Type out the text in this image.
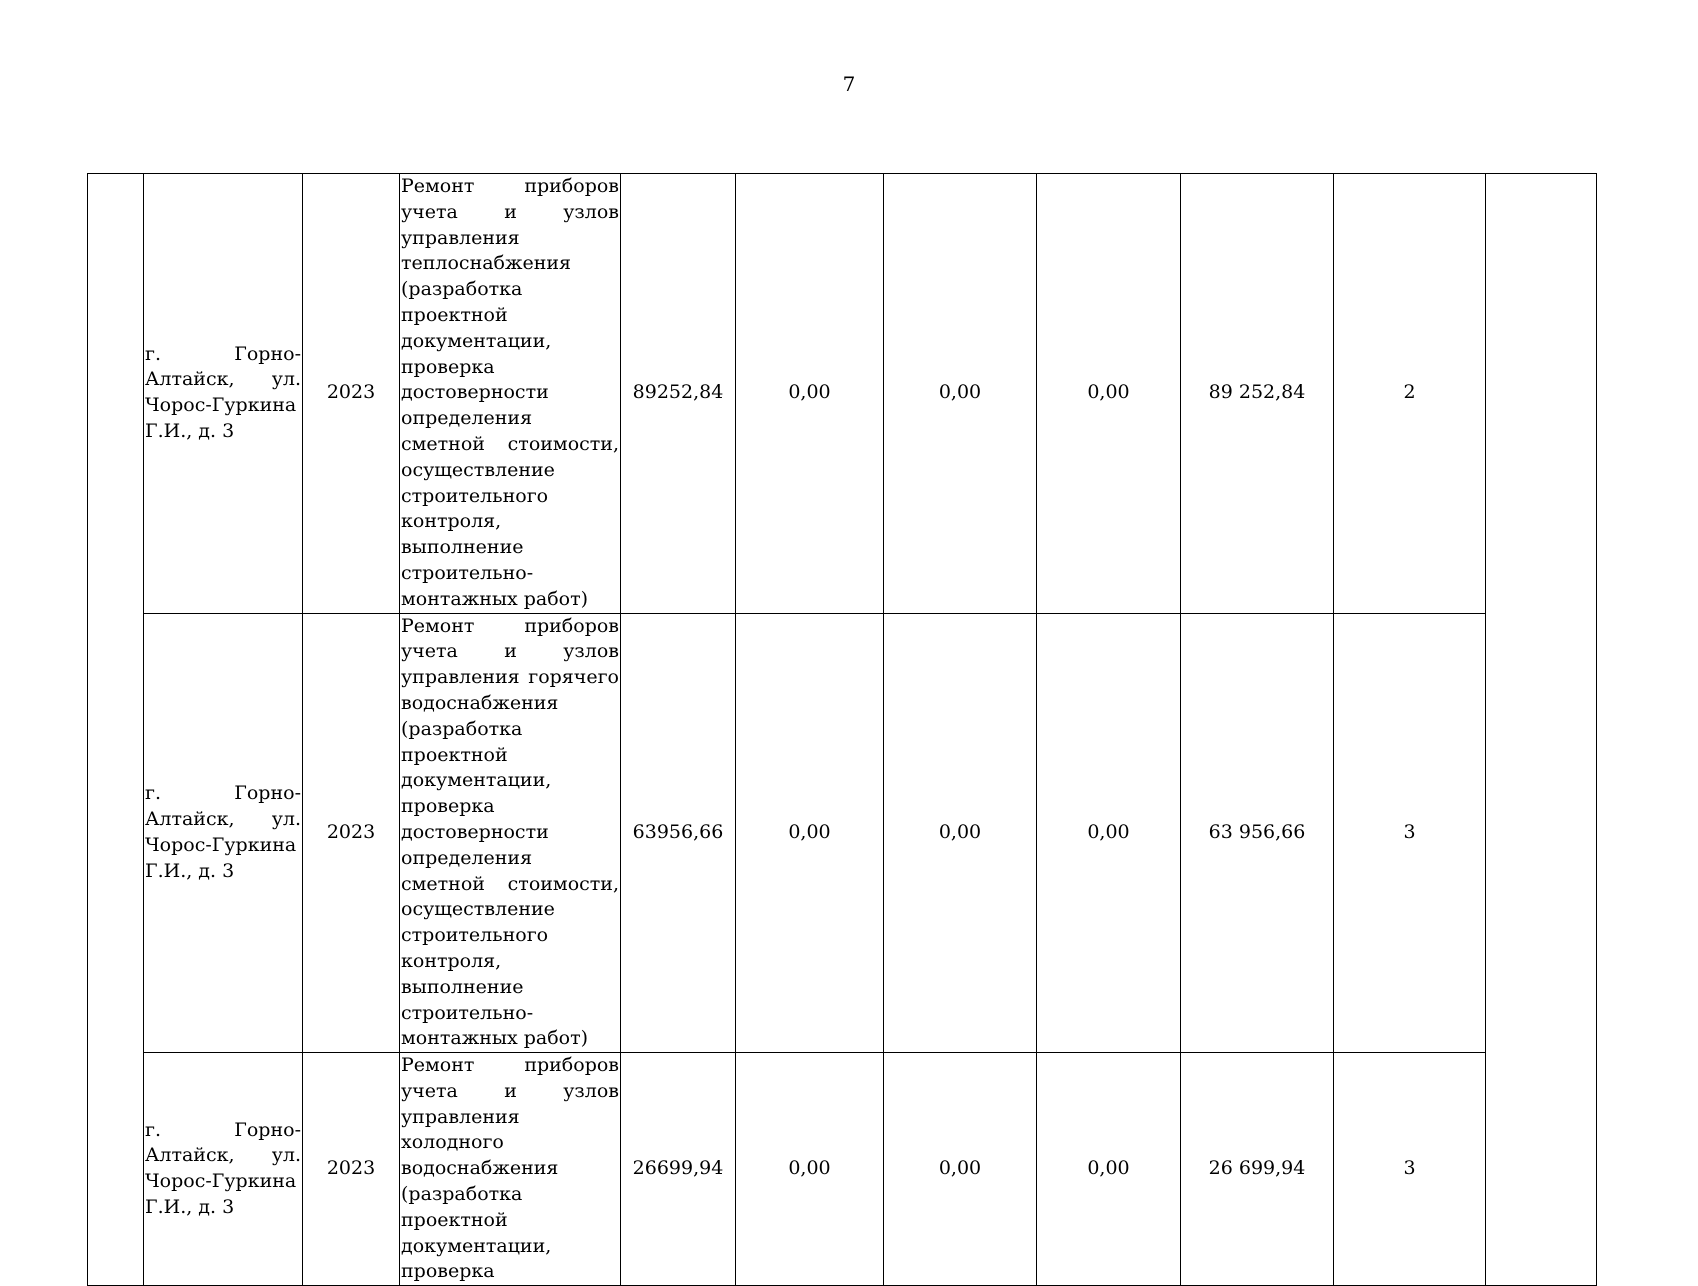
7
	г. Горно-Алтайск, ул. Чорос-Гуркина Г.И., д. 3	2023	Ремонт приборов учета и узлов управления теплоснабжения (разработка проектной документации, проверка достоверности определения сметной стоимости, осуществление строительного контроля, выполнение строительно-монтажных работ)	89252,84	0,00	0,00	0,00	89 252,84	2	
	г. Горно-Алтайск, ул. Чорос-Гуркина Г.И., д. 3	2023	Ремонт приборов учета и узлов управления горячего водоснабжения (разработка проектной документации, проверка достоверности определения сметной стоимости, осуществление строительного контроля, выполнение строительно-монтажных работ)	63956,66	0,00	0,00	0,00	63 956,66	3	
	г. Горно-Алтайск, ул. Чорос-Гуркина Г.И., д. 3	2023	Ремонт приборов учета и узлов управления холодного водоснабжения (разработка проектной документации, проверка	26699,94	0,00	0,00	0,00	26 699,94	3	
